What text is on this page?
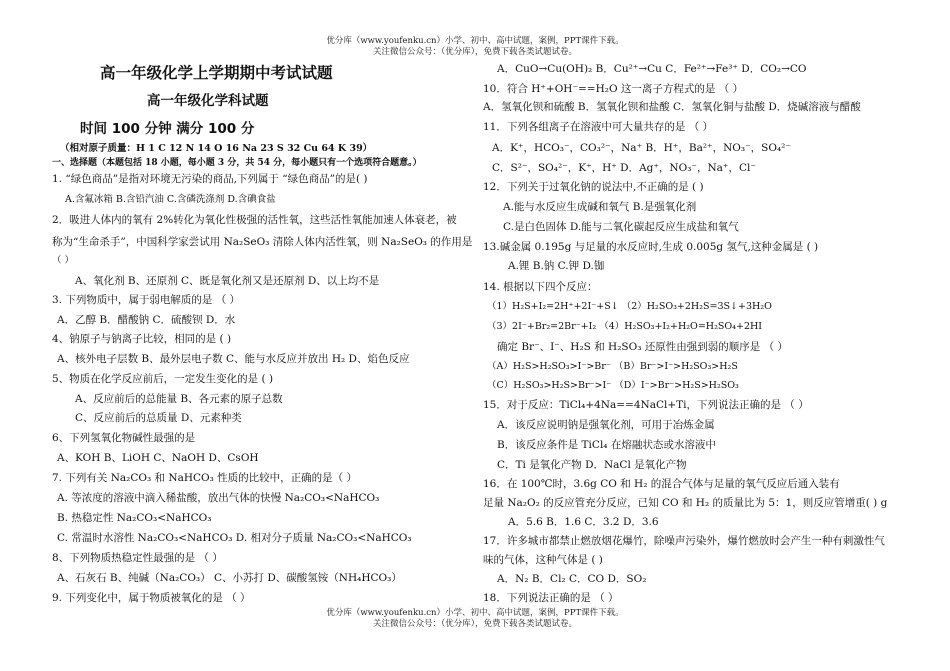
优分库（www.youfenku.cn）小学、初中、高中试题，案例，PPT课件下载。
关注微信公众号：（优分库），免费下载各类试题试卷。
高一年级化学上学期期中考试试题
高一年级化学科试题
时间 100 分钟 满分 100 分
（相对原子质量：H 1 C 12 N 14 O 16 Na 23 S 32 Cu 64 K 39）
一、选择题（本题包括 18 小题，每小题 3 分，共 54 分，每小题只有一个选项符合题意。）
1. “绿色商品”是指对环境无污染的商品,下列属于 “绿色商品”的是( )
A.含氟冰箱 B.含铅汽油 C.含磷洗涤剂 D.含碘食盐
2．吸进人体内的氧有 2%转化为氧化性极强的活性氧，这些活性氧能加速人体衰老，被
称为“生命杀手”，中国科学家尝试用 Na₂SeO₃ 清除人体内活性氧，则 Na₂SeO₃ 的作用是
（ ）
A、氧化剂 B、还原剂 C、既是氧化剂又是还原剂 D、以上均不是
3. 下列物质中，属于弱电解质的是 （ ）
A．乙醇 B．醋酸钠 C．硫酸钡 D．水
4、钠原子与钠离子比较，相同的是 ( )
A、核外电子层数 B、最外层电子数 C、能与水反应并放出 H₂ D、焰色反应
5、物质在化学反应前后，一定发生变化的是 ( )
A、反应前后的总能量 B、各元素的原子总数
C、反应前后的总质量 D、元素种类
6、下列氢氧化物碱性最强的是
A、KOH B、LiOH C、NaOH D、CsOH
7. 下列有关 Na₂CO₃ 和 NaHCO₃ 性质的比较中，正确的是（ ）
A. 等浓度的溶液中滴入稀盐酸，放出气体的快慢 Na₂CO₃<NaHCO₃
B. 热稳定性 Na₂CO₃<NaHCO₃
C. 常温时水溶性 Na₂CO₃<NaHCO₃ D. 相对分子质量 Na₂CO₃<NaHCO₃
8、下列物质热稳定性最强的是 （ ）
A、石灰石 B、纯碱（Na₂CO₃） C、小苏打 D、碳酸氢铵（NH₄HCO₃）
9. 下列变化中，属于物质被氧化的是 （ ）
A．CuO→Cu(OH)₂ B．Cu²⁺→Cu C．Fe²⁺→Fe³⁺ D．CO₂→CO
10．符合 H⁺+OH⁻==H₂O 这一离子方程式的是 （ ）
A．氢氧化钡和硫酸 B．氢氧化钡和盐酸 C．氢氧化铜与盐酸 D．烧碱溶液与醋酸
11．下列各组离子在溶液中可大量共存的是 （ ）
A．K⁺，HCO₃⁻，CO₃²⁻，Na⁺ B．H⁺，Ba²⁺，NO₃⁻，SO₄²⁻
C．S²⁻，SO₄²⁻，K⁺，H⁺ D．Ag⁺，NO₃⁻，Na⁺，Cl⁻
12．下列关于过氧化钠的说法中,不正确的是 ( )
A.能与水反应生成碱和氧气 B.是强氧化剂
C.是白色固体 D.能与二氧化碳起反应生成盐和氧气
13.碱金属 0.195g 与足量的水反应时,生成 0.005g 氢气,这种金属是 ( )
A.锂 B.钠 C.钾 D.铷
14. 根据以下四个反应：
（1）H₂S+I₂=2H⁺+2I⁻+S↓ （2）H₂SO₃+2H₂S=3S↓+3H₂O
（3）2I⁻+Br₂=2Br⁻+I₂ （4）H₂SO₃+I₂+H₂O=H₂SO₄+2HI
确定 Br⁻、I⁻、H₂S 和 H₂SO₃ 还原性由强到弱的顺序是 （ ）
（A）H₂S>H₂SO₃>I⁻>Br⁻ （B）Br⁻>I⁻>H₂SO₃>H₂S
（C）H₂SO₃>H₂S>Br⁻>I⁻ （D）I⁻>Br⁻>H₂S>H₂SO₃
15．对于反应：TiCl₄+4Na==4NaCl+Ti，下列说法正确的是 （ ）
A．该反应说明钠是强氧化剂，可用于冶炼金属
B．该反应条件是 TiCl₄ 在熔融状态或水溶液中
C．Ti 是氧化产物 D．NaCl 是氧化产物
16．在 100℃时，3.6g CO 和 H₂ 的混合气体与足量的氧气反应后通入装有
足量 Na₂O₂ 的反应管充分反应，已知 CO 和 H₂ 的质量比为 5：1，则反应管增重( ) g
A．5.6 B．1.6 C．3.2 D．3.6
17．许多城市都禁止燃放烟花爆竹，除噪声污染外，爆竹燃放时会产生一种有刺激性气
味的气体，这种气体是 ( )
A．N₂ B．Cl₂ C．CO D．SO₂
18．下列说法正确的是 （ ）
优分库（www.youfenku.cn）小学、初中、高中试题，案例，PPT课件下载。
关注微信公众号：（优分库），免费下载各类试题试卷。
